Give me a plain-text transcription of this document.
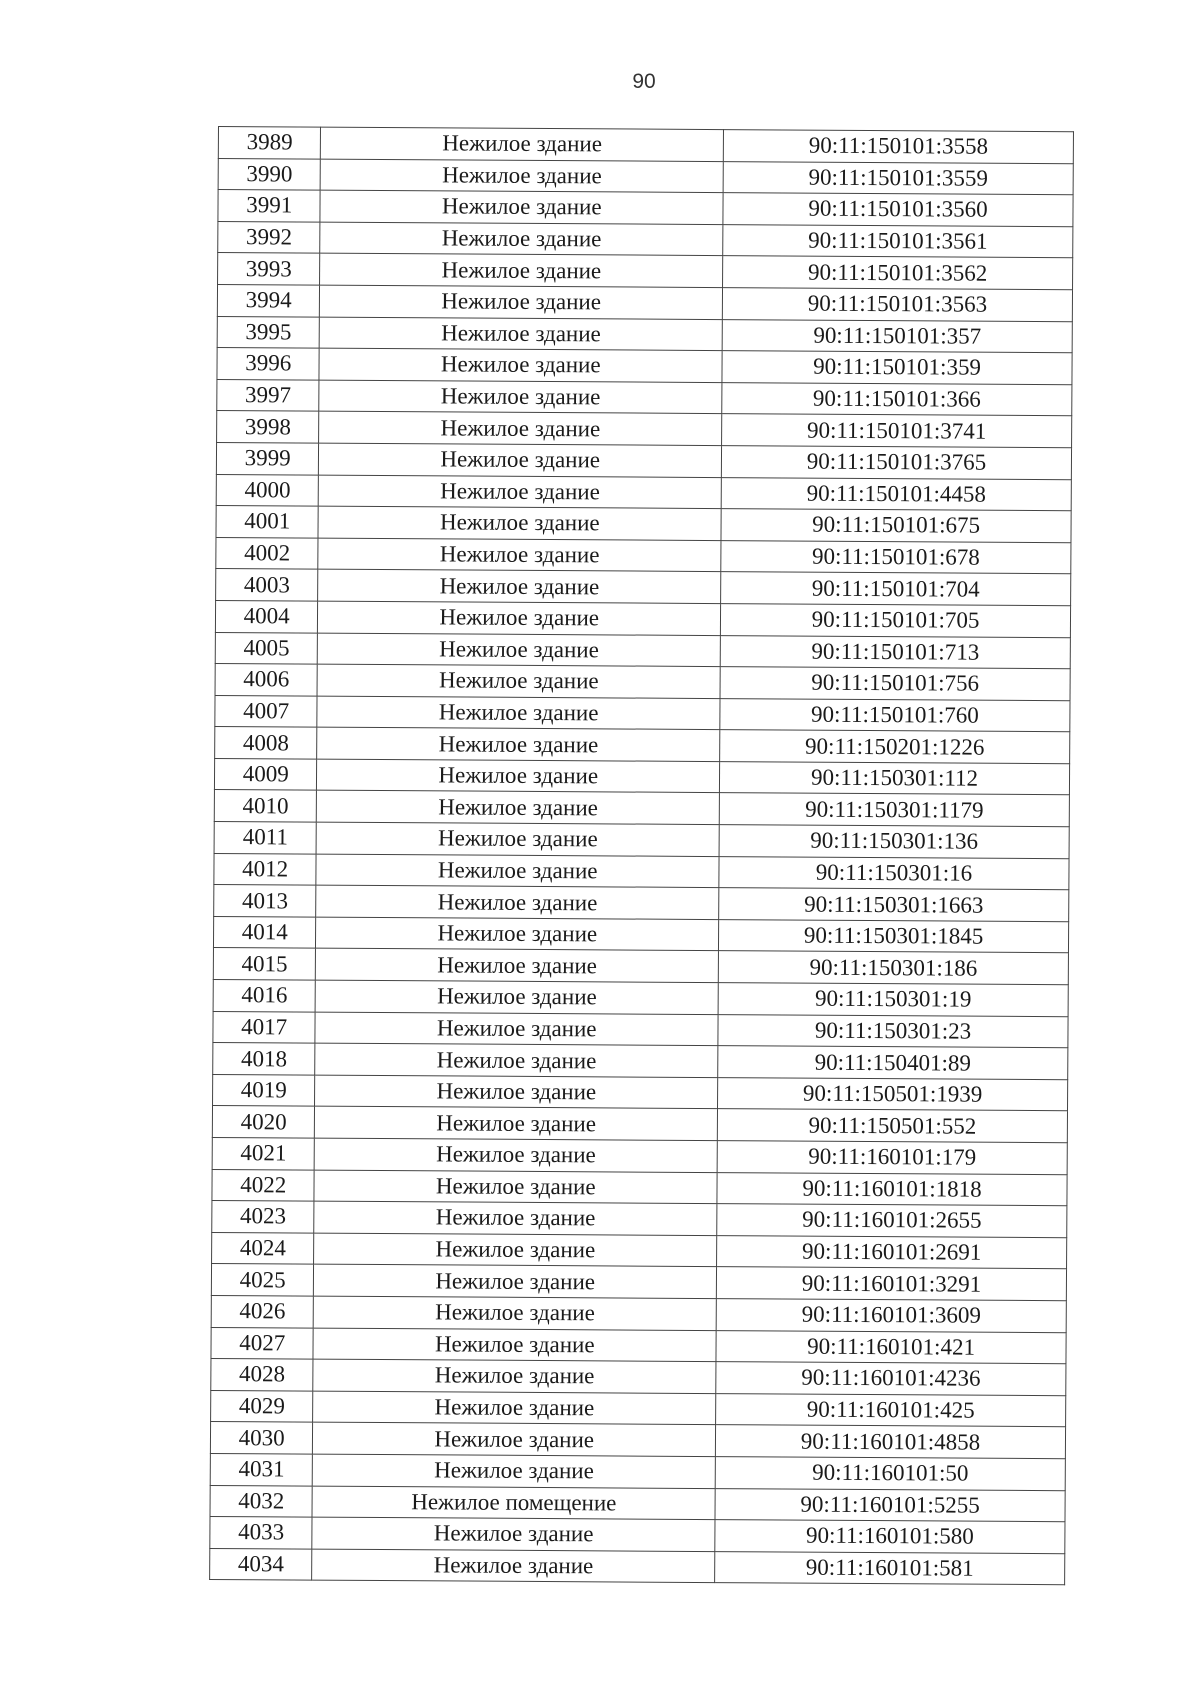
90
3989	Нежилое здание	90:11:150101:3558
3990	Нежилое здание	90:11:150101:3559
3991	Нежилое здание	90:11:150101:3560
3992	Нежилое здание	90:11:150101:3561
3993	Нежилое здание	90:11:150101:3562
3994	Нежилое здание	90:11:150101:3563
3995	Нежилое здание	90:11:150101:357
3996	Нежилое здание	90:11:150101:359
3997	Нежилое здание	90:11:150101:366
3998	Нежилое здание	90:11:150101:3741
3999	Нежилое здание	90:11:150101:3765
4000	Нежилое здание	90:11:150101:4458
4001	Нежилое здание	90:11:150101:675
4002	Нежилое здание	90:11:150101:678
4003	Нежилое здание	90:11:150101:704
4004	Нежилое здание	90:11:150101:705
4005	Нежилое здание	90:11:150101:713
4006	Нежилое здание	90:11:150101:756
4007	Нежилое здание	90:11:150101:760
4008	Нежилое здание	90:11:150201:1226
4009	Нежилое здание	90:11:150301:112
4010	Нежилое здание	90:11:150301:1179
4011	Нежилое здание	90:11:150301:136
4012	Нежилое здание	90:11:150301:16
4013	Нежилое здание	90:11:150301:1663
4014	Нежилое здание	90:11:150301:1845
4015	Нежилое здание	90:11:150301:186
4016	Нежилое здание	90:11:150301:19
4017	Нежилое здание	90:11:150301:23
4018	Нежилое здание	90:11:150401:89
4019	Нежилое здание	90:11:150501:1939
4020	Нежилое здание	90:11:150501:552
4021	Нежилое здание	90:11:160101:179
4022	Нежилое здание	90:11:160101:1818
4023	Нежилое здание	90:11:160101:2655
4024	Нежилое здание	90:11:160101:2691
4025	Нежилое здание	90:11:160101:3291
4026	Нежилое здание	90:11:160101:3609
4027	Нежилое здание	90:11:160101:421
4028	Нежилое здание	90:11:160101:4236
4029	Нежилое здание	90:11:160101:425
4030	Нежилое здание	90:11:160101:4858
4031	Нежилое здание	90:11:160101:50
4032	Нежилое помещение	90:11:160101:5255
4033	Нежилое здание	90:11:160101:580
4034	Нежилое здание	90:11:160101:581
